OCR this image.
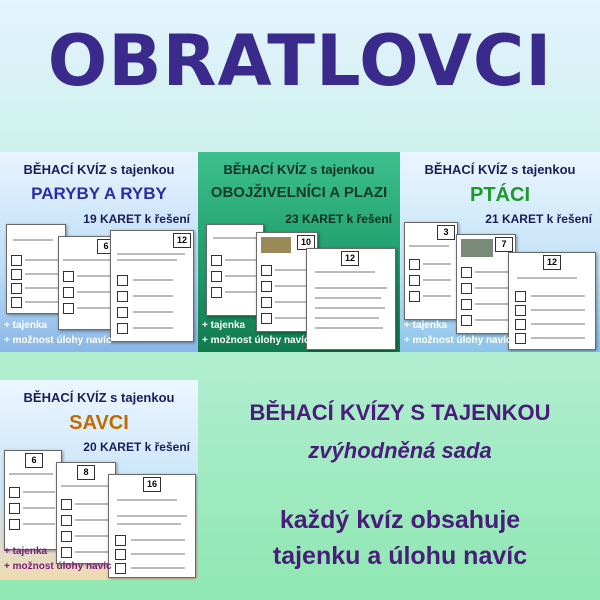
OBRATLOVCI
BĚHACÍ KVÍZ s tajenkou
PARYBY A RYBY
19 KARET k řešení
6
12
+ tajenka
+ možnost úlohy navíc
BĚHACÍ KVÍZ s tajenkou
OBOJŽIVELNÍCI A PLAZI
23 KARET k řešení
10
12
+ tajenka
+ možnost úlohy navíc
BĚHACÍ KVÍZ s tajenkou
PTÁCI
21 KARET k řešení
3
7
12
+ tajenka
+ možnost úlohy navíc
BĚHACÍ KVÍZ s tajenkou
SAVCI
20 KARET k řešení
6
8
16
+ tajenka
+ možnost úlohy navíc
BĚHACÍ KVÍZY S TAJENKOU
zvýhodněná sada
každý kvíz obsahuje
tajenku a úlohu navíc
